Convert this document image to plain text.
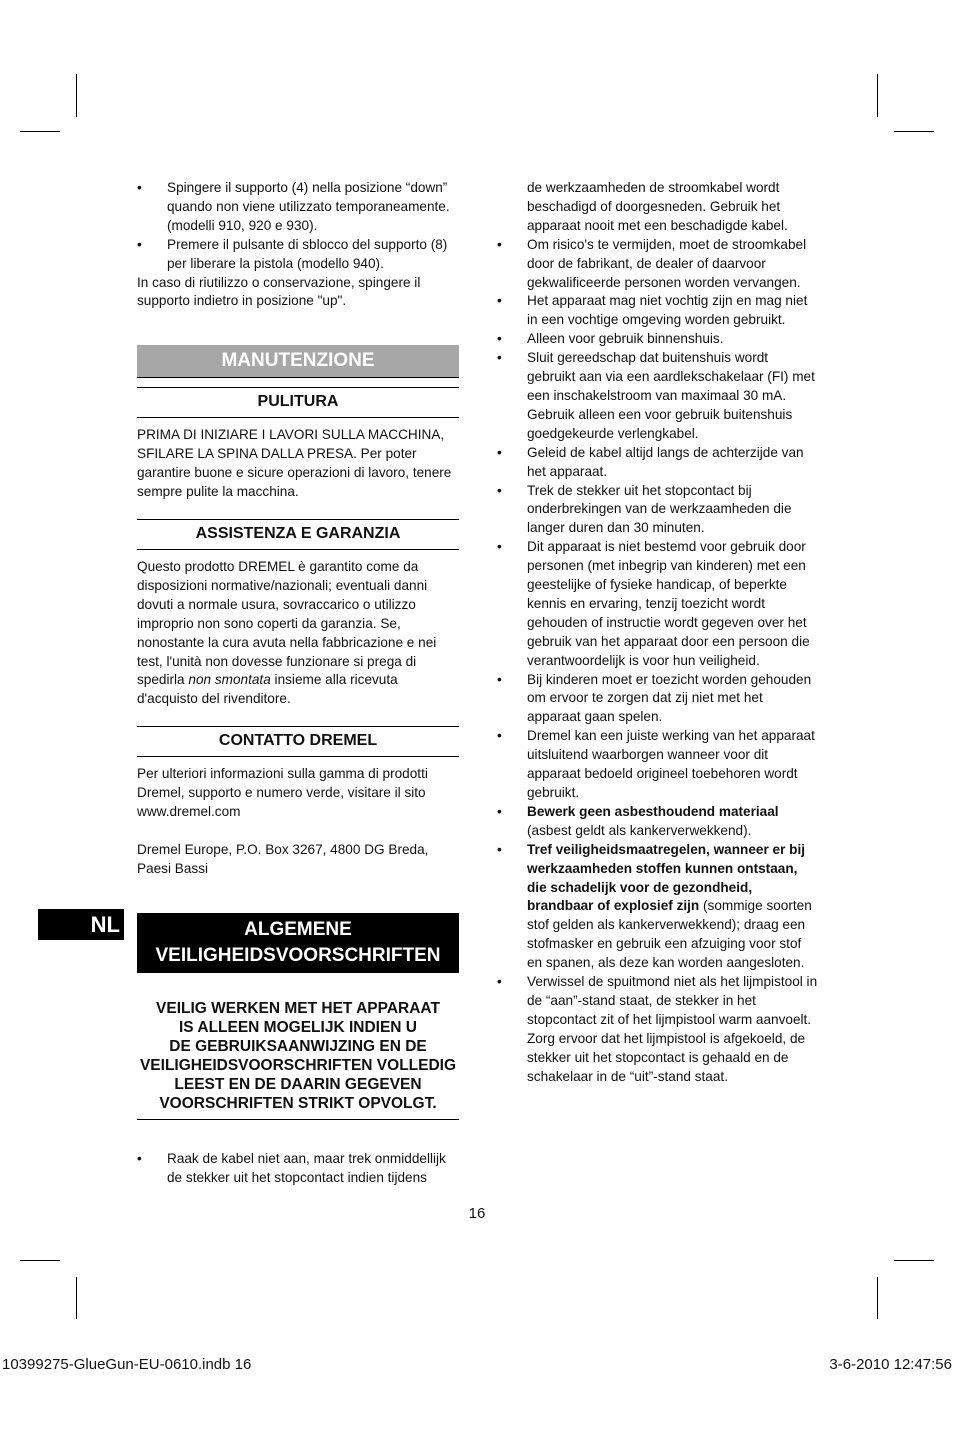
NL
• Spingere il supporto (4) nella posizione “down” quando non viene utilizzato temporaneamente. (modelli 910, 920 e 930).
• Premere il pulsante di sblocco del supporto (8) per liberare la pistola (modello 940).

In caso di riutilizzo o conservazione, spingere il supporto indietro in posizione "up".

MANUTENZIONE
PULITURA

PRIMA DI INIZIARE I LAVORI SULLA MACCHINA, SFILARE LA SPINA DALLA PRESA. Per poter garantire buone e sicure operazioni di lavoro, tenere sempre pulite la macchina.

ASSISTENZA E GARANZIA

Questo prodotto DREMEL è garantito come da disposizioni normative/nazionali; eventuali danni dovuti a normale usura, sovraccarico o utilizzo improprio non sono coperti da garanzia. Se, nonostante la cura avuta nella fabbricazione e nei test, l'unità non dovesse funzionare si prega di spedirla non smontata insieme alla ricevuta d'acquisto del rivenditore.

CONTATTO DREMEL

Per ulteriori informazioni sulla gamma di prodotti Dremel, supporto e numero verde, visitare il sito www.dremel.com

Dremel Europe, P.O. Box 3267, 4800 DG Breda, Paesi Bassi

ALGEMENE
VEILIGHEIDSVOORSCHRIFTEN
VEILIG WERKEN MET HET APPARAAT
IS ALLEEN MOGELIJK INDIEN U
DE GEBRUIKSAANWIJZING EN DE
VEILIGHEIDSVOORSCHRIFTEN VOLLEDIG
LEEST EN DE DAARIN GEGEVEN
VOORSCHRIFTEN STRIKT OPVOLGT.
• Raak de kabel niet aan, maar trek onmiddellijk de stekker uit het stopcontact indien tijdens

de werkzaamheden de stroomkabel wordt beschadigd of doorgesneden. Gebruik het apparaat nooit met een beschadigde kabel.

• Om risico's te vermijden, moet de stroomkabel door de fabrikant, de dealer of daarvoor gekwalificeerde personen worden vervangen.
• Het apparaat mag niet vochtig zijn en mag niet in een vochtige omgeving worden gebruikt.
• Alleen voor gebruik binnenshuis.
• Sluit gereedschap dat buitenshuis wordt gebruikt aan via een aardlekschakelaar (FI) met een inschakelstroom van maximaal 30 mA. Gebruik alleen een voor gebruik buitenshuis goedgekeurde verlengkabel.
• Geleid de kabel altijd langs de achterzijde van het apparaat.
• Trek de stekker uit het stopcontact bij onderbrekingen van de werkzaamheden die langer duren dan 30 minuten.
• Dit apparaat is niet bestemd voor gebruik door personen (met inbegrip van kinderen) met een geestelijke of fysieke handicap, of beperkte kennis en ervaring, tenzij toezicht wordt gehouden of instructie wordt gegeven over het gebruik van het apparaat door een persoon die verantwoordelijk is voor hun veiligheid.
• Bij kinderen moet er toezicht worden gehouden om ervoor te zorgen dat zij niet met het apparaat gaan spelen.
• Dremel kan een juiste werking van het apparaat uitsluitend waarborgen wanneer voor dit apparaat bedoeld origineel toebehoren wordt gebruikt.
• Bewerk geen asbesthoudend materiaal
(asbest geldt als kankerverwekkend).
• Tref veiligheidsmaatregelen, wanneer er bij werkzaamheden stoffen kunnen ontstaan, die schadelijk voor de gezondheid, brandbaar of explosief zijn (sommige soorten stof gelden als kankerverwekkend); draag een stofmasker en gebruik een afzuiging voor stof en spanen, als deze kan worden aangesloten.
• Verwissel de spuitmond niet als het lijmpistool in de “aan”-stand staat, de stekker in het stopcontact zit of het lijmpistool warm aanvoelt. Zorg ervoor dat het lijmpistool is afgekoeld, de stekker uit het stopcontact is gehaald en de schakelaar in de “uit”-stand staat.
16
10399275-GlueGun-EU-0610.indb 16	3-6-2010 12:47:56
